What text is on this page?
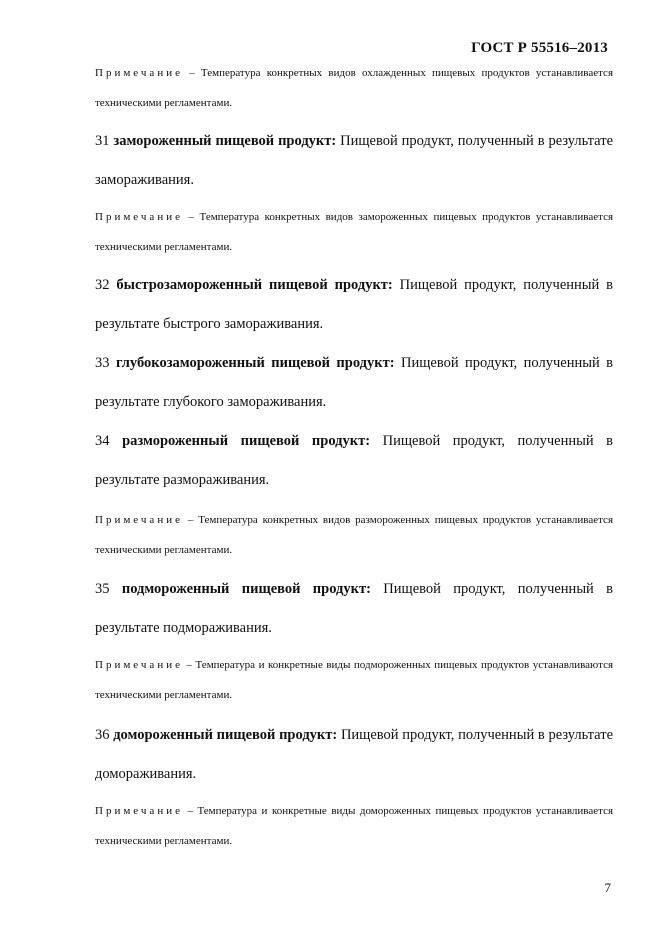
ГОСТ Р 55516–2013

Примечание – Температура конкретных видов охлажденных пищевых продуктов устанавливается техническими регламентами.

31 замороженный пищевой продукт: Пищевой продукт, полученный в результате замораживания.

Примечание – Температура конкретных видов замороженных пищевых продуктов устанавливается техническими регламентами.

32 быстрозамороженный пищевой продукт: Пищевой продукт, полученный в результате быстрого замораживания.

33 глубокозамороженный пищевой продукт: Пищевой продукт, полученный в результате глубокого замораживания.

34 размороженный пищевой продукт: Пищевой продукт, полученный в результате размораживания.

Примечание – Температура конкретных видов размороженных пищевых продуктов устанавливается техническими регламентами.

35 подмороженный пищевой продукт: Пищевой продукт, полученный в результате подмораживания.

Примечание – Температура и конкретные виды подмороженных пищевых продуктов устанавливаются техническими регламентами.

36 доморoженный пищевой продукт: Пищевой продукт, полученный в результате домораживания.

Примечание – Температура и конкретные виды домороженных пищевых продуктов устанавливается техническими регламентами.

7
